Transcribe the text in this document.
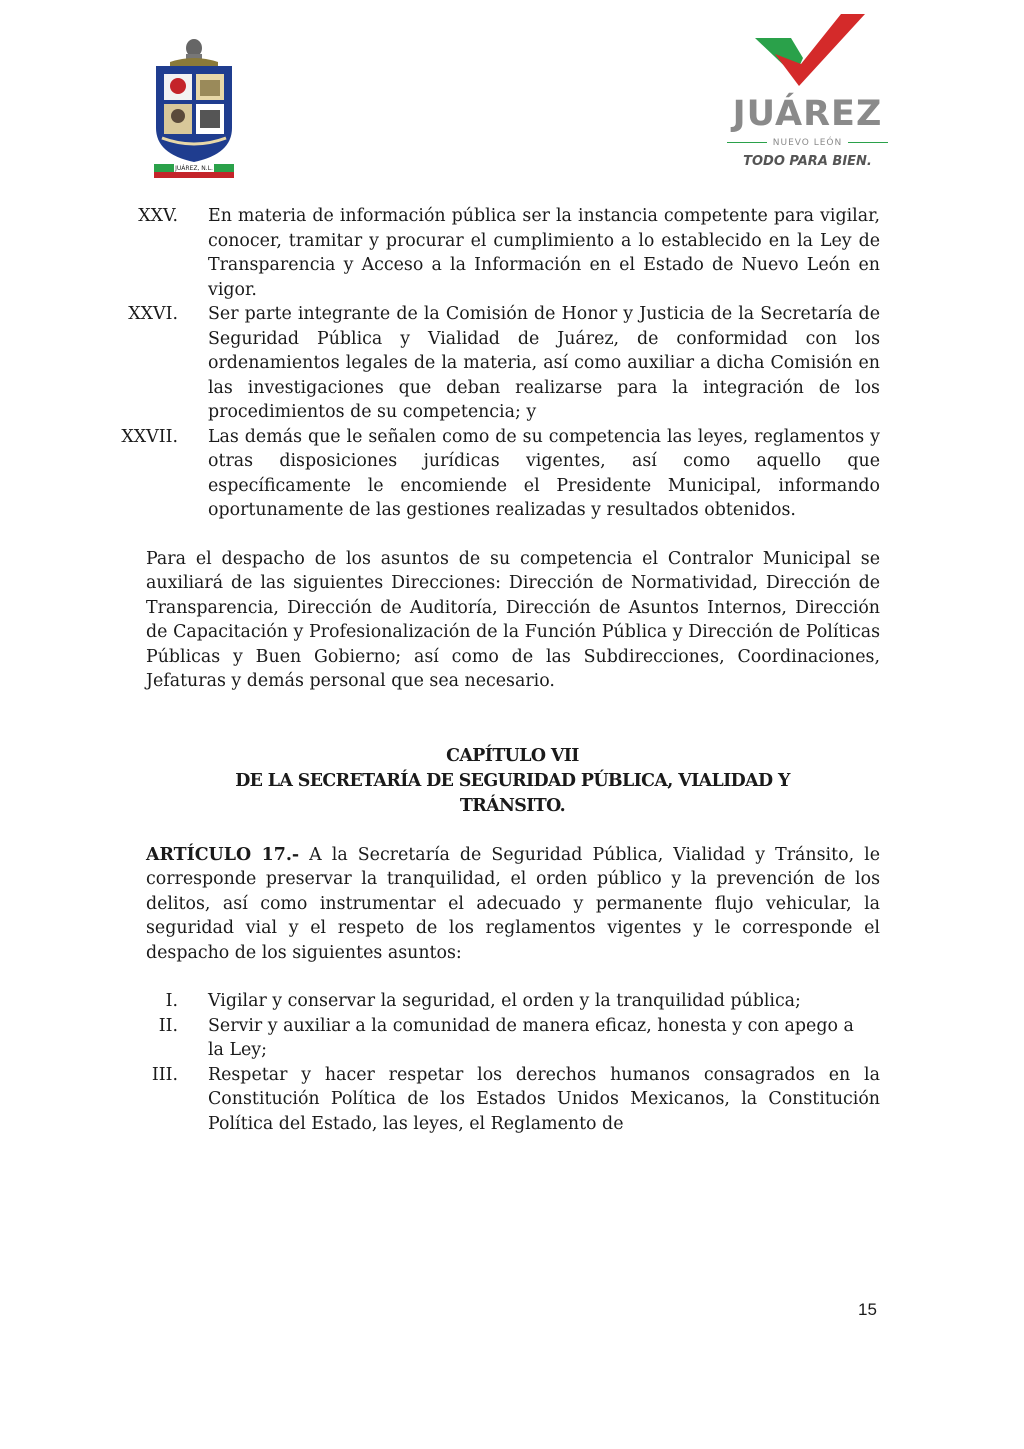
JUÁREZ, N.L.
JUÁREZ
NUEVO LEÓN
TODO PARA BIEN.
XXV. En materia de información pública ser la instancia competente para vigilar, conocer, tramitar y procurar el cumplimiento a lo establecido en la Ley de Transparencia y Acceso a la Información en el Estado de Nuevo León en vigor.
XXVI. Ser parte integrante de la Comisión de Honor y Justicia de la Secretaría de Seguridad Pública y Vialidad de Juárez, de conformidad con los ordenamientos legales de la materia, así como auxiliar a dicha Comisión en las investigaciones que deban realizarse para la integración de los procedimientos de su competencia; y
XXVII. Las demás que le señalen como de su competencia las leyes, reglamentos y otras disposiciones jurídicas vigentes, así como aquello que específicamente le encomiende el Presidente Municipal, informando oportunamente de las gestiones realizadas y resultados obtenidos.
Para el despacho de los asuntos de su competencia el Contralor Municipal se auxiliará de las siguientes Direcciones: Dirección de Normatividad, Dirección de Transparencia, Dirección de Auditoría, Dirección de Asuntos Internos, Dirección de Capacitación y Profesionalización de la Función Pública y Dirección de Políticas Públicas y Buen Gobierno; así como de las Subdirecciones, Coordinaciones, Jefaturas y demás personal que sea necesario.
CAPÍTULO VII
DE LA SECRETARÍA DE SEGURIDAD PÚBLICA, VIALIDAD Y
TRÁNSITO.
ARTÍCULO 17.- A la Secretaría de Seguridad Pública, Vialidad y Tránsito, le corresponde preservar la tranquilidad, el orden público y la prevención de los delitos, así como instrumentar el adecuado y permanente flujo vehicular, la seguridad vial y el respeto de los reglamentos vigentes y le corresponde el despacho de los siguientes asuntos:
I. Vigilar y conservar la seguridad, el orden y la tranquilidad pública;
II. Servir y auxiliar a la comunidad de manera eficaz, honesta y con apego a la Ley;
III. Respetar y hacer respetar los derechos humanos consagrados en la Constitución Política de los Estados Unidos Mexicanos, la Constitución Política del Estado, las leyes, el Reglamento de
15
